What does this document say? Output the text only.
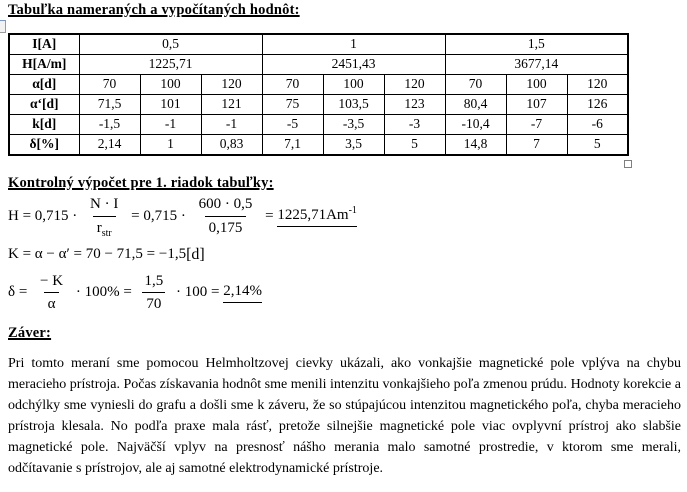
Tabuľka nameraných a vypočítaných hodnôt:
I[A]	0,5			1			1,5		
H[A/m]	1225,71			2451,43			3677,14		
α[d]	70	100	120	70	100	120	70	100	120
α‘[d]	71,5	101	121	75	103,5	123	80,4	107	126
k[d]	-1,5	-1	-1	-5	-3,5	-3	-10,4	-7	-6
δ[%]	2,14	1	0,83	7,1	3,5	5	14,8	7	5
Kontrolný výpočet pre 1. riadok tabuľky:
$H = 0,715 \cdot \frac{N \cdot I}{r_{str}} = 0,715 \cdot \frac{600 \cdot 0,5}{0,175} = 1225,71Am^{-1}$
K = α − α′ = 70 − 71,5 = −1,5 [d]
$\delta = \frac{- K}{\alpha} \cdot 100\% = \frac{1,5}{70} \cdot 100 = 2,14\%$
Záver:
Pri tomto meraní sme pomocou Helmholtzovej cievky ukázali, ako vonkajšie magnetické pole vplýva na chybu meracieho prístroja. Počas získavania hodnôt sme menili intenzitu vonkajšieho poľa zmenou prúdu. Hodnoty korekcie a odchýlky sme vyniesli do grafu a došli sme k záveru, že so stúpajúcou intenzitou magnetického poľa, chyba meracieho prístroja klesala. No podľa praxe mala rásť, pretože silnejšie magnetické pole viac ovplyvní prístroj ako slabšie magnetické pole. Najväčší vplyv na presnosť nášho merania malo samotné prostredie, v ktorom sme merali, odčítavanie s prístrojov, ale aj samotné elektrodynamické prístroje.
